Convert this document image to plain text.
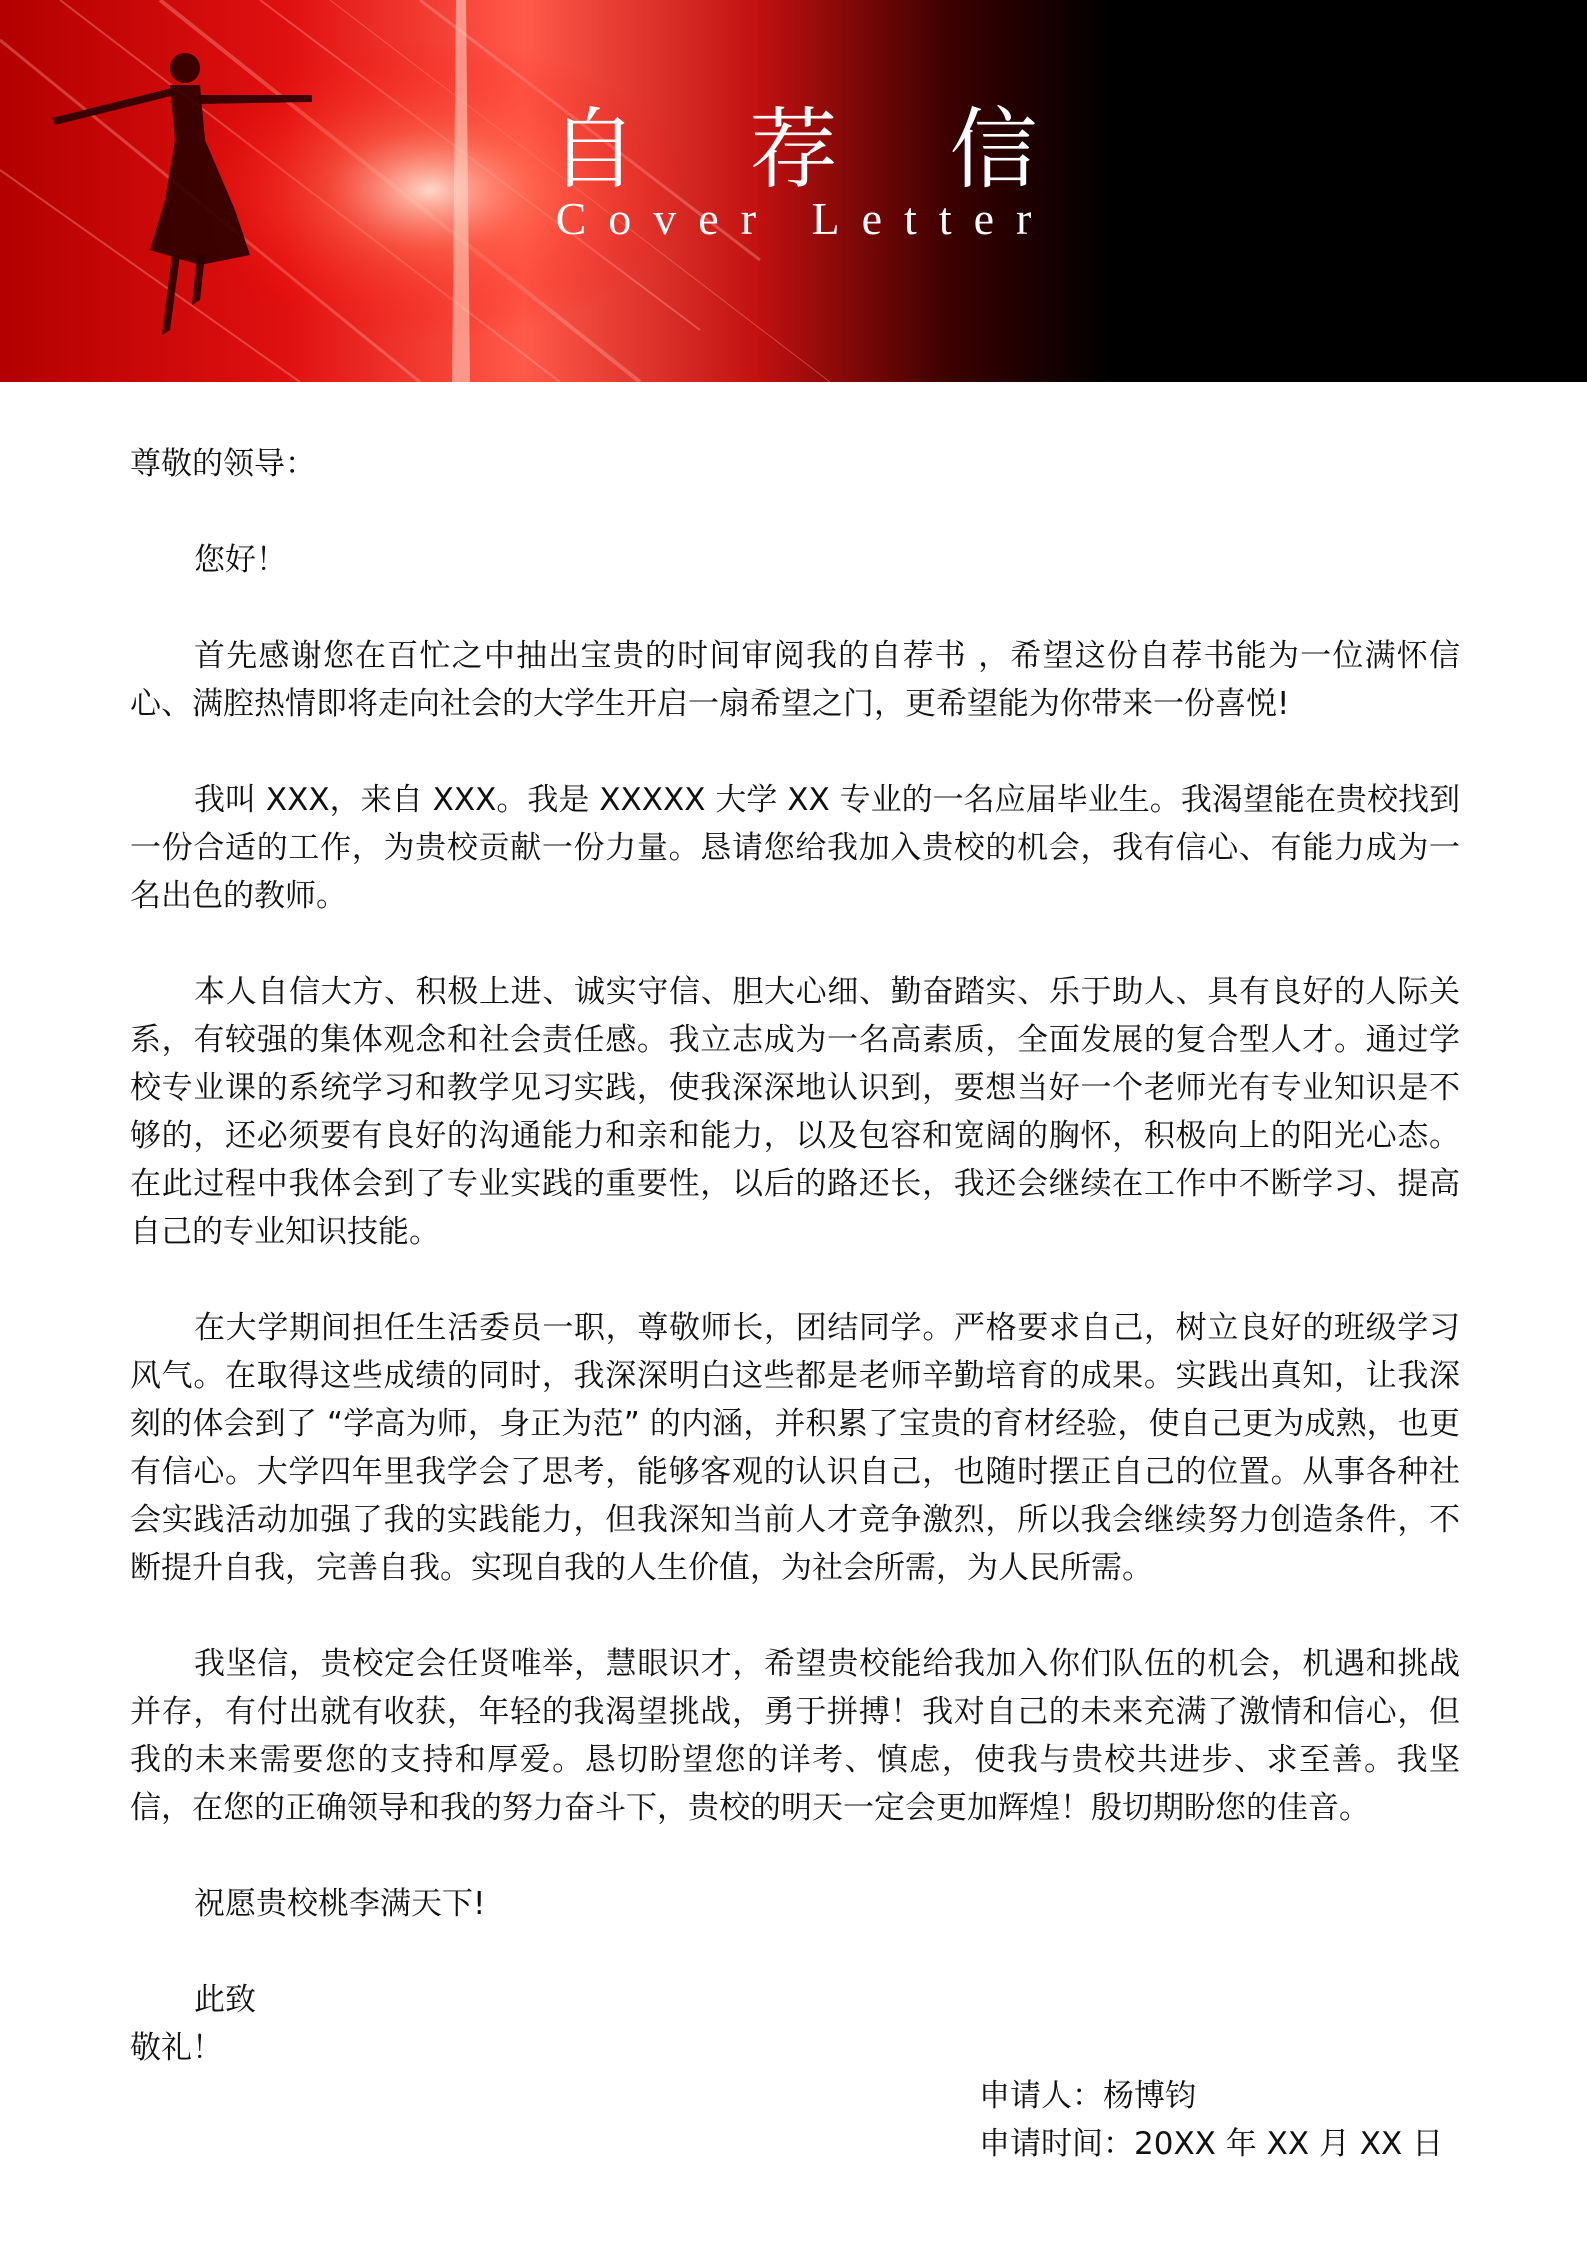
自荐信
Cover Letter

尊敬的领导：

您好！

首先感谢您在百忙之中抽出宝贵的时间审阅我的自荐书 ，希望这份自荐书能为一位满怀信心、满腔热情即将走向社会的大学生开启一扇希望之门，更希望能为你带来一份喜悦!

我叫 XXX，来自 XXX。我是 XXXXX 大学 XX 专业的一名应届毕业生。我渴望能在贵校找到一份合适的工作，为贵校贡献一份力量。恳请您给我加入贵校的机会，我有信心、有能力成为一名出色的教师。

本人自信大方、积极上进、诚实守信、胆大心细、勤奋踏实、乐于助人、具有良好的人际关系，有较强的集体观念和社会责任感。我立志成为一名高素质，全面发展的复合型人才。通过学校专业课的系统学习和教学见习实践，使我深深地认识到，要想当好一个老师光有专业知识是不够的，还必须要有良好的沟通能力和亲和能力，以及包容和宽阔的胸怀，积极向上的阳光心态。在此过程中我体会到了专业实践的重要性，以后的路还长，我还会继续在工作中不断学习、提高自己的专业知识技能。

在大学期间担任生活委员一职，尊敬师长，团结同学。严格要求自己，树立良好的班级学习风气。在取得这些成绩的同时，我深深明白这些都是老师辛勤培育的成果。实践出真知，让我深刻的体会到了 “学高为师，身正为范” 的内涵，并积累了宝贵的育材经验，使自己更为成熟，也更有信心。大学四年里我学会了思考，能够客观的认识自己，也随时摆正自己的位置。从事各种社会实践活动加强了我的实践能力，但我深知当前人才竞争激烈，所以我会继续努力创造条件，不断提升自我，完善自我。实现自我的人生价值，为社会所需，为人民所需。

我坚信，贵校定会任贤唯举，慧眼识才，希望贵校能给我加入你们队伍的机会，机遇和挑战并存，有付出就有收获，年轻的我渴望挑战，勇于拼搏！我对自己的未来充满了激情和信心，但我的未来需要您的支持和厚爱。恳切盼望您的详考、慎虑，使我与贵校共进步、求至善。我坚信，在您的正确领导和我的努力奋斗下，贵校的明天一定会更加辉煌！殷切期盼您的佳音。

祝愿贵校桃李满天下!

此致

敬礼！

申请人：杨博钧

申请时间：20XX 年 XX 月 XX 日
